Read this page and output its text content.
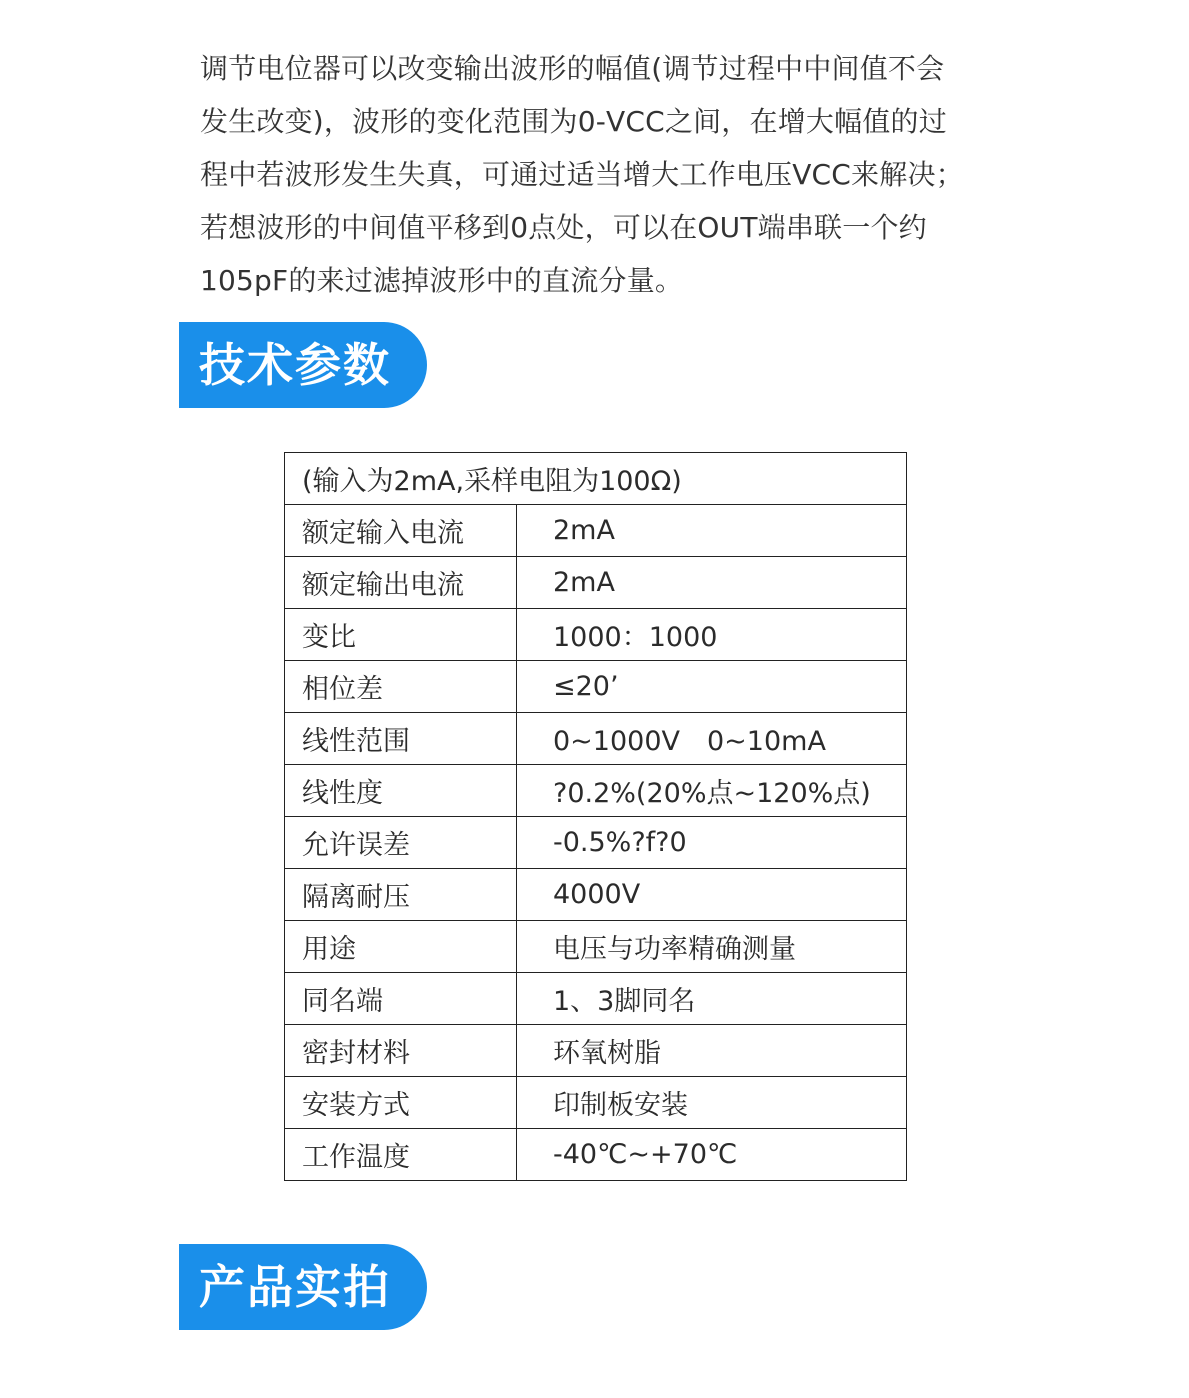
调节电位器可以改变输出波形的幅值(调节过程中中间值不会
发生改变)，波形的变化范围为0-VCC之间，在增大幅值的过
程中若波形发生失真，可通过适当增大工作电压VCC来解决；
若想波形的中间值平移到0点处，可以在OUT端串联一个约
105pF的来过滤掉波形中的直流分量。
技术参数
(输入为2mA,采样电阻为100Ω)	
额定输入电流	2mA
额定输出电流	2mA
变比	1000：1000
相位差	≤20’
线性范围	0~1000V　0~10mA
线性度	?0.2%(20%点~120%点)
允许误差	-0.5%?f?0
隔离耐压	4000V
用途	电压与功率精确测量
同名端	1、3脚同名
密封材料	环氧树脂
安装方式	印制板安装
工作温度	-40℃~+70℃
产品实拍
